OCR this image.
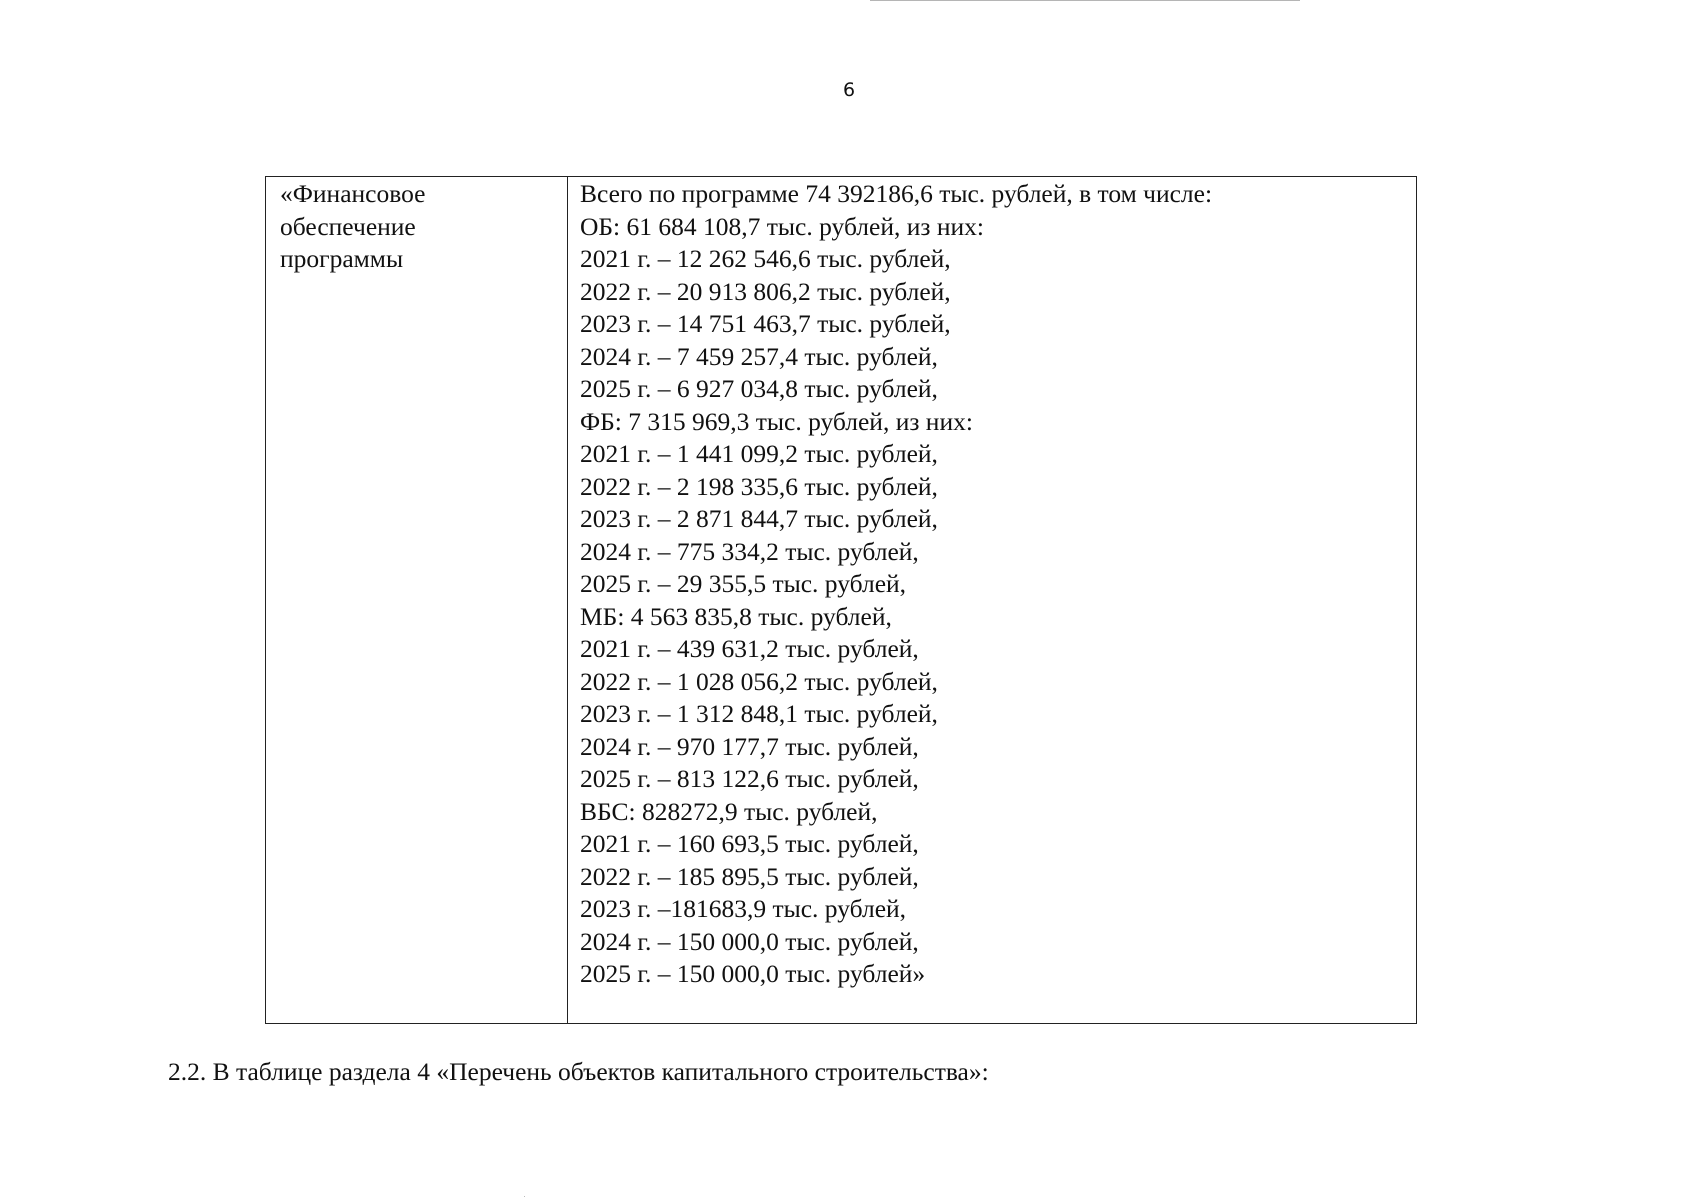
6
«Финансовое
обеспечение
программы

Всего по программе 74 392186,6 тыс. рублей, в том числе:
ОБ: 61 684 108,7 тыс. рублей, из них:
2021 г. – 12 262 546,6 тыс. рублей,
2022 г. – 20 913 806,2 тыс. рублей,
2023 г. – 14 751 463,7 тыс. рублей,
2024 г. – 7 459 257,4 тыс. рублей,
2025 г. – 6 927 034,8 тыс. рублей,
ФБ: 7 315 969,3 тыс. рублей, из них:
2021 г. – 1 441 099,2 тыс. рублей,
2022 г. – 2 198 335,6 тыс. рублей,
2023 г. – 2 871 844,7 тыс. рублей,
2024 г. – 775 334,2 тыс. рублей,
2025 г. – 29 355,5 тыс. рублей,
МБ: 4 563 835,8 тыс. рублей,
2021 г. – 439 631,2 тыс. рублей,
2022 г. – 1 028 056,2 тыс. рублей,
2023 г. – 1 312 848,1 тыс. рублей,
2024 г. – 970 177,7 тыс. рублей,
2025 г. – 813 122,6 тыс. рублей,
ВБС: 828272,9 тыс. рублей,
2021 г. – 160 693,5 тыс. рублей,
2022 г. – 185 895,5 тыс. рублей,
2023 г. –181683,9 тыс. рублей,
2024 г. – 150 000,0 тыс. рублей,
2025 г. – 150 000,0 тыс. рублей»
2.2. В таблице раздела 4 «Перечень объектов капитального строительства»:
